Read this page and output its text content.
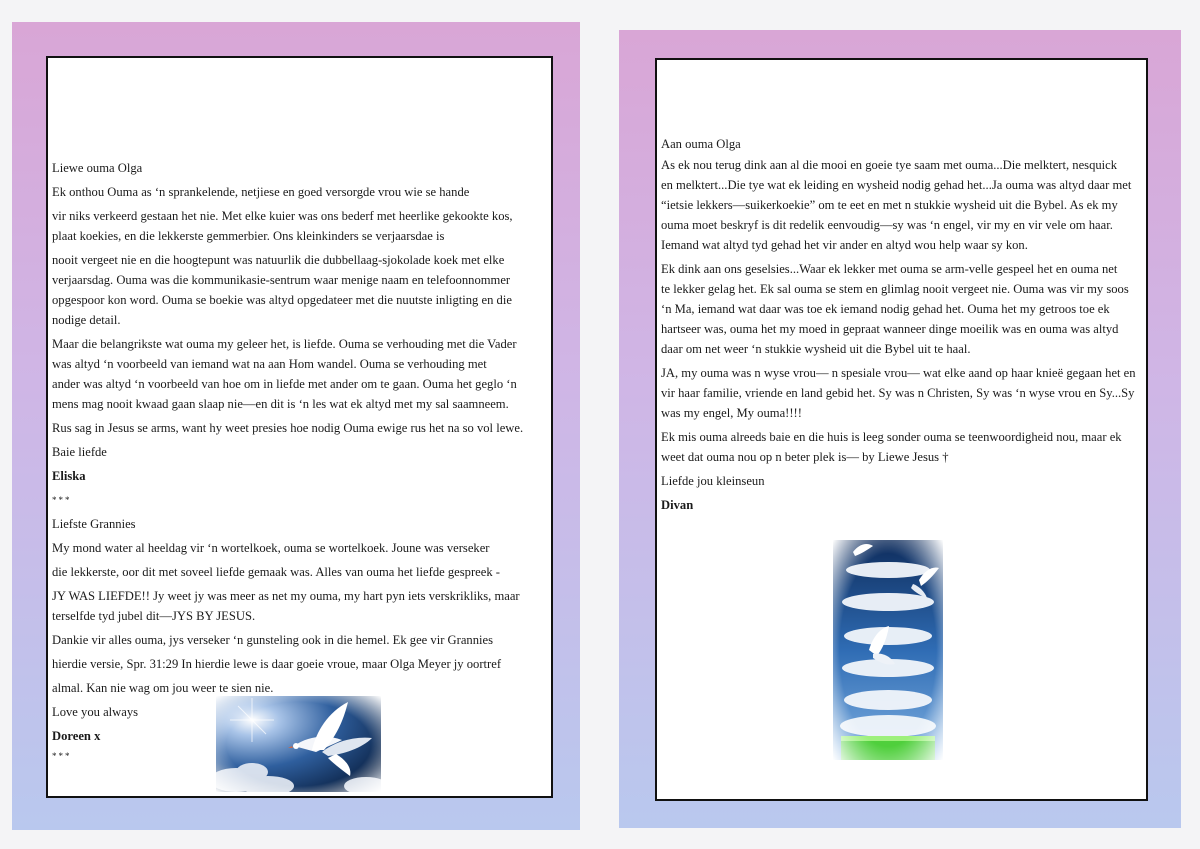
Liewe ouma Olga

Ek onthou Ouma as ‘n sprankelende, netjiese en goed versorgde vrou wie se hande

vir niks verkeerd gestaan het nie. Met elke kuier was ons bederf met heerlike gekookte kos,

plaat koekies, en die lekkerste gemmerbier. Ons kleinkinders se verjaarsdae is

nooit vergeet nie en die hoogtepunt was natuurlik die dubbellaag-sjokolade koek met elke

verjaarsdag. Ouma was die kommunikasie-sentrum waar menige naam en telefoonnommer

opgespoor kon word. Ouma se boekie was altyd opgedateer met die nuutste inligting en die

nodige detail.

Maar die belangrikste wat ouma my geleer het, is liefde. Ouma se verhouding met die Vader

was altyd ‘n voorbeeld van iemand wat na aan Hom wandel. Ouma se verhouding met

ander was altyd ‘n voorbeeld van hoe om in liefde met ander om te gaan. Ouma het geglo ‘n

mens mag nooit kwaad gaan slaap nie—en dit is ‘n les wat ek altyd met my sal saamneem.

Rus sag in Jesus se arms, want hy weet presies hoe nodig Ouma ewige rus het na so vol lewe.

Baie liefde

Eliska

***

Liefste Grannies

My mond water al heeldag vir ‘n wortelkoek, ouma se wortelkoek. Joune was verseker

die lekkerste, oor dit met soveel liefde gemaak was. Alles van ouma het liefde gespreek -

JY WAS LIEFDE!! Jy weet jy was meer as net my ouma, my hart pyn iets verskrikliks, maar

terselfde tyd jubel dit—JYS BY JESUS.

Dankie vir alles ouma, jys verseker ‘n gunsteling ook in die hemel. Ek gee vir Grannies

hierdie versie, Spr. 31:29 In hierdie lewe is daar goeie vroue, maar Olga Meyer jy oortref

almal. Kan nie wag om jou weer te sien nie.

Love you always

Doreen x

***

Aan ouma Olga

As ek nou terug dink aan al die mooi en goeie tye saam met ouma...Die melktert, nesquick

en melktert...Die tye wat ek leiding en wysheid nodig gehad het...Ja ouma was altyd daar met

“ietsie lekkers—suikerkoekie” om te eet en met n stukkie wysheid uit die Bybel. As ek my

ouma moet beskryf is dit redelik eenvoudig—sy was ‘n engel, vir my en vir vele om haar.

Iemand wat altyd tyd gehad het vir ander en altyd wou help waar sy kon.

Ek dink aan ons geselsies...Waar ek lekker met ouma se arm-velle gespeel het en ouma net

te lekker gelag het. Ek sal ouma se stem en glimlag nooit vergeet nie. Ouma was vir my soos

‘n Ma, iemand wat daar was toe ek iemand nodig gehad het. Ouma het my getroos toe ek

hartseer was, ouma het my moed in gepraat wanneer dinge moeilik was en ouma was altyd

daar om net weer ‘n stukkie wysheid uit die Bybel uit te haal.

JA, my ouma was n wyse vrou— n spesiale vrou— wat elke aand op haar knieë gegaan het en

vir haar familie, vriende en land gebid het. Sy was n Christen, Sy was ‘n wyse vrou en Sy...Sy

was my engel, My ouma!!!!

Ek mis ouma alreeds baie en die huis is leeg sonder ouma se teenwoordigheid nou, maar ek

weet dat ouma nou op n beter plek is— by Liewe Jesus †

Liefde jou kleinseun

Divan
